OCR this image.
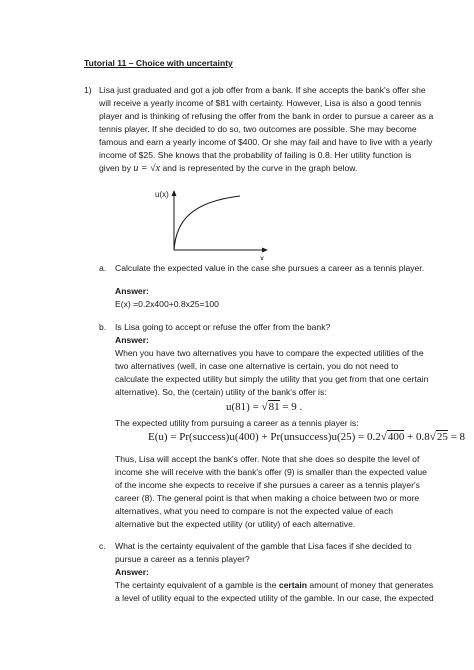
Tutorial 11 – Choice with uncertainty
1) Lisa just graduated and got a job offer from a bank. If she accepts the bank's offer she
will receive a yearly income of $81 with certainty. However, Lisa is also a good tennis
player and is thinking of refusing the offer from the bank in order to pursue a career as a
tennis player. If she decided to do so, two outcomes are possible. She may become
famous and earn a yearly income of $400. Or she may fail and have to live with a yearly
income of $25. She knows that the probability of failing is 0.8. Her utility function is
given by u = √x and is represented by the curve in the graph below.
u(x)
x
a. Calculate the expected value in the case she pursues a career as a tennis player.
Answer:
E(x) =0.2x400+0.8x25=100
b. Is Lisa going to accept or refuse the offer from the bank?
Answer:
When you have two alternatives you have to compare the expected utilities of the
two alternatives (well, in case one alternative is certain, you do not need to
calculate the expected utility but simply the utility that you get from that one certain
alternative). So, the (certain) utility of the bank's offer is:
u(81) = √81 = 9 .
The expected utility from pursuing a career as a tennis player is:
E(u) = Pr(success)u(400) + Pr(unsuccess)u(25) = 0.2√400 + 0.8√25 = 8
Thus, Lisa will accept the bank's offer. Note that she does so despite the level of
income she will receive with the bank's offer (9) is smaller than the expected value
of the income she expects to receive if she pursues a career as a tennis player's
career (8). The general point is that when making a choice between two or more
alternatives, what you need to compare is not the expected value of each
alternative but the expected utility (or utility) of each alternative.
c. What is the certainty equivalent of the gamble that Lisa faces if she decided to
pursue a career as a tennis player?
Answer:
The certainty equivalent of a gamble is the certain amount of money that generates
a level of utility equal to the expected utility of the gamble. In our case, the expected
